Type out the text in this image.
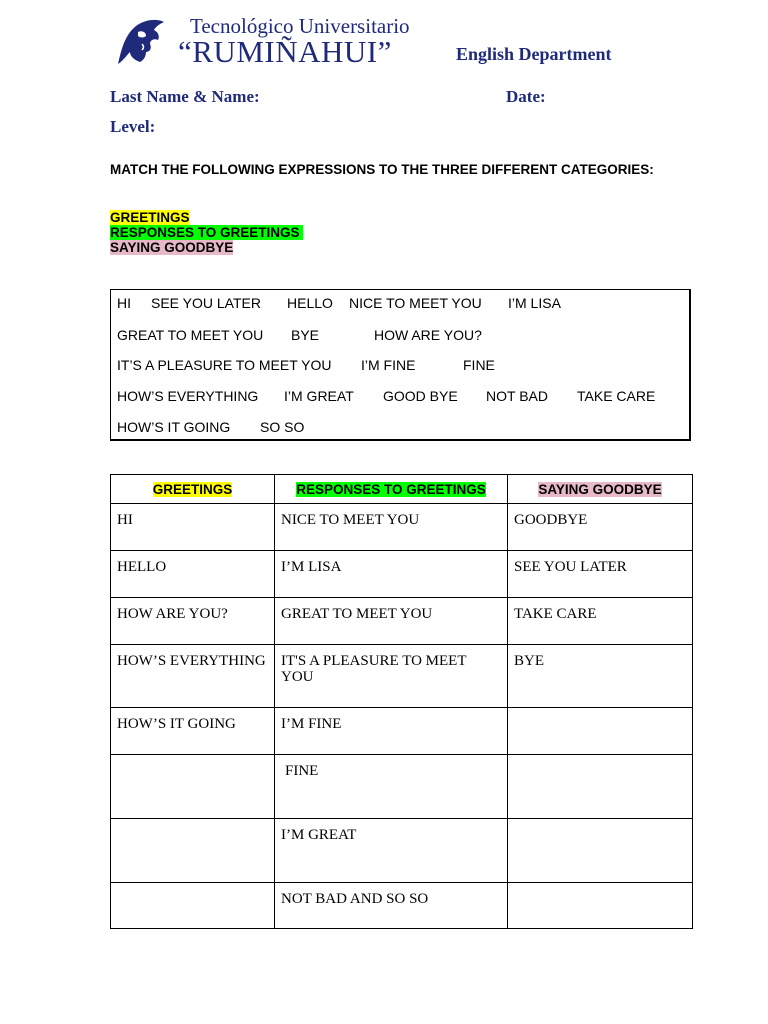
Tecnológico Universitario
“RUMIÑAHUI”	English Department
Last Name & Name:	Date:
Level:
MATCH THE FOLLOWING EXPRESSIONS TO THE THREE DIFFERENT CATEGORIES:
GREETINGS
RESPONSES TO GREETINGS
SAYING GOODBYE
HI SEE YOU LATER HELLO NICE TO MEET YOU I’M LISA
GREAT TO MEET YOU BYE	HOW ARE YOU?
IT’S A PLEASURE TO MEET YOU I’M FINE	FINE
HOW’S EVERYTHING I’M GREAT GOOD BYE NOT BAD TAKE CARE
HOW’S IT GOING SO SO
GREETINGS	RESPONSES TO GREETINGS	SAYING GOODBYE
HI	NICE TO MEET YOU	GOODBYE
HELLO	I’M LISA	SEE YOU LATER
HOW ARE YOU?	GREAT TO MEET YOU	TAKE CARE
HOW’S EVERYTHING	IT'S A PLEASURE TO MEET YOU	BYE
HOW’S IT GOING	I’M FINE	
	FINE	
	I’M GREAT	
	NOT BAD AND SO SO	
